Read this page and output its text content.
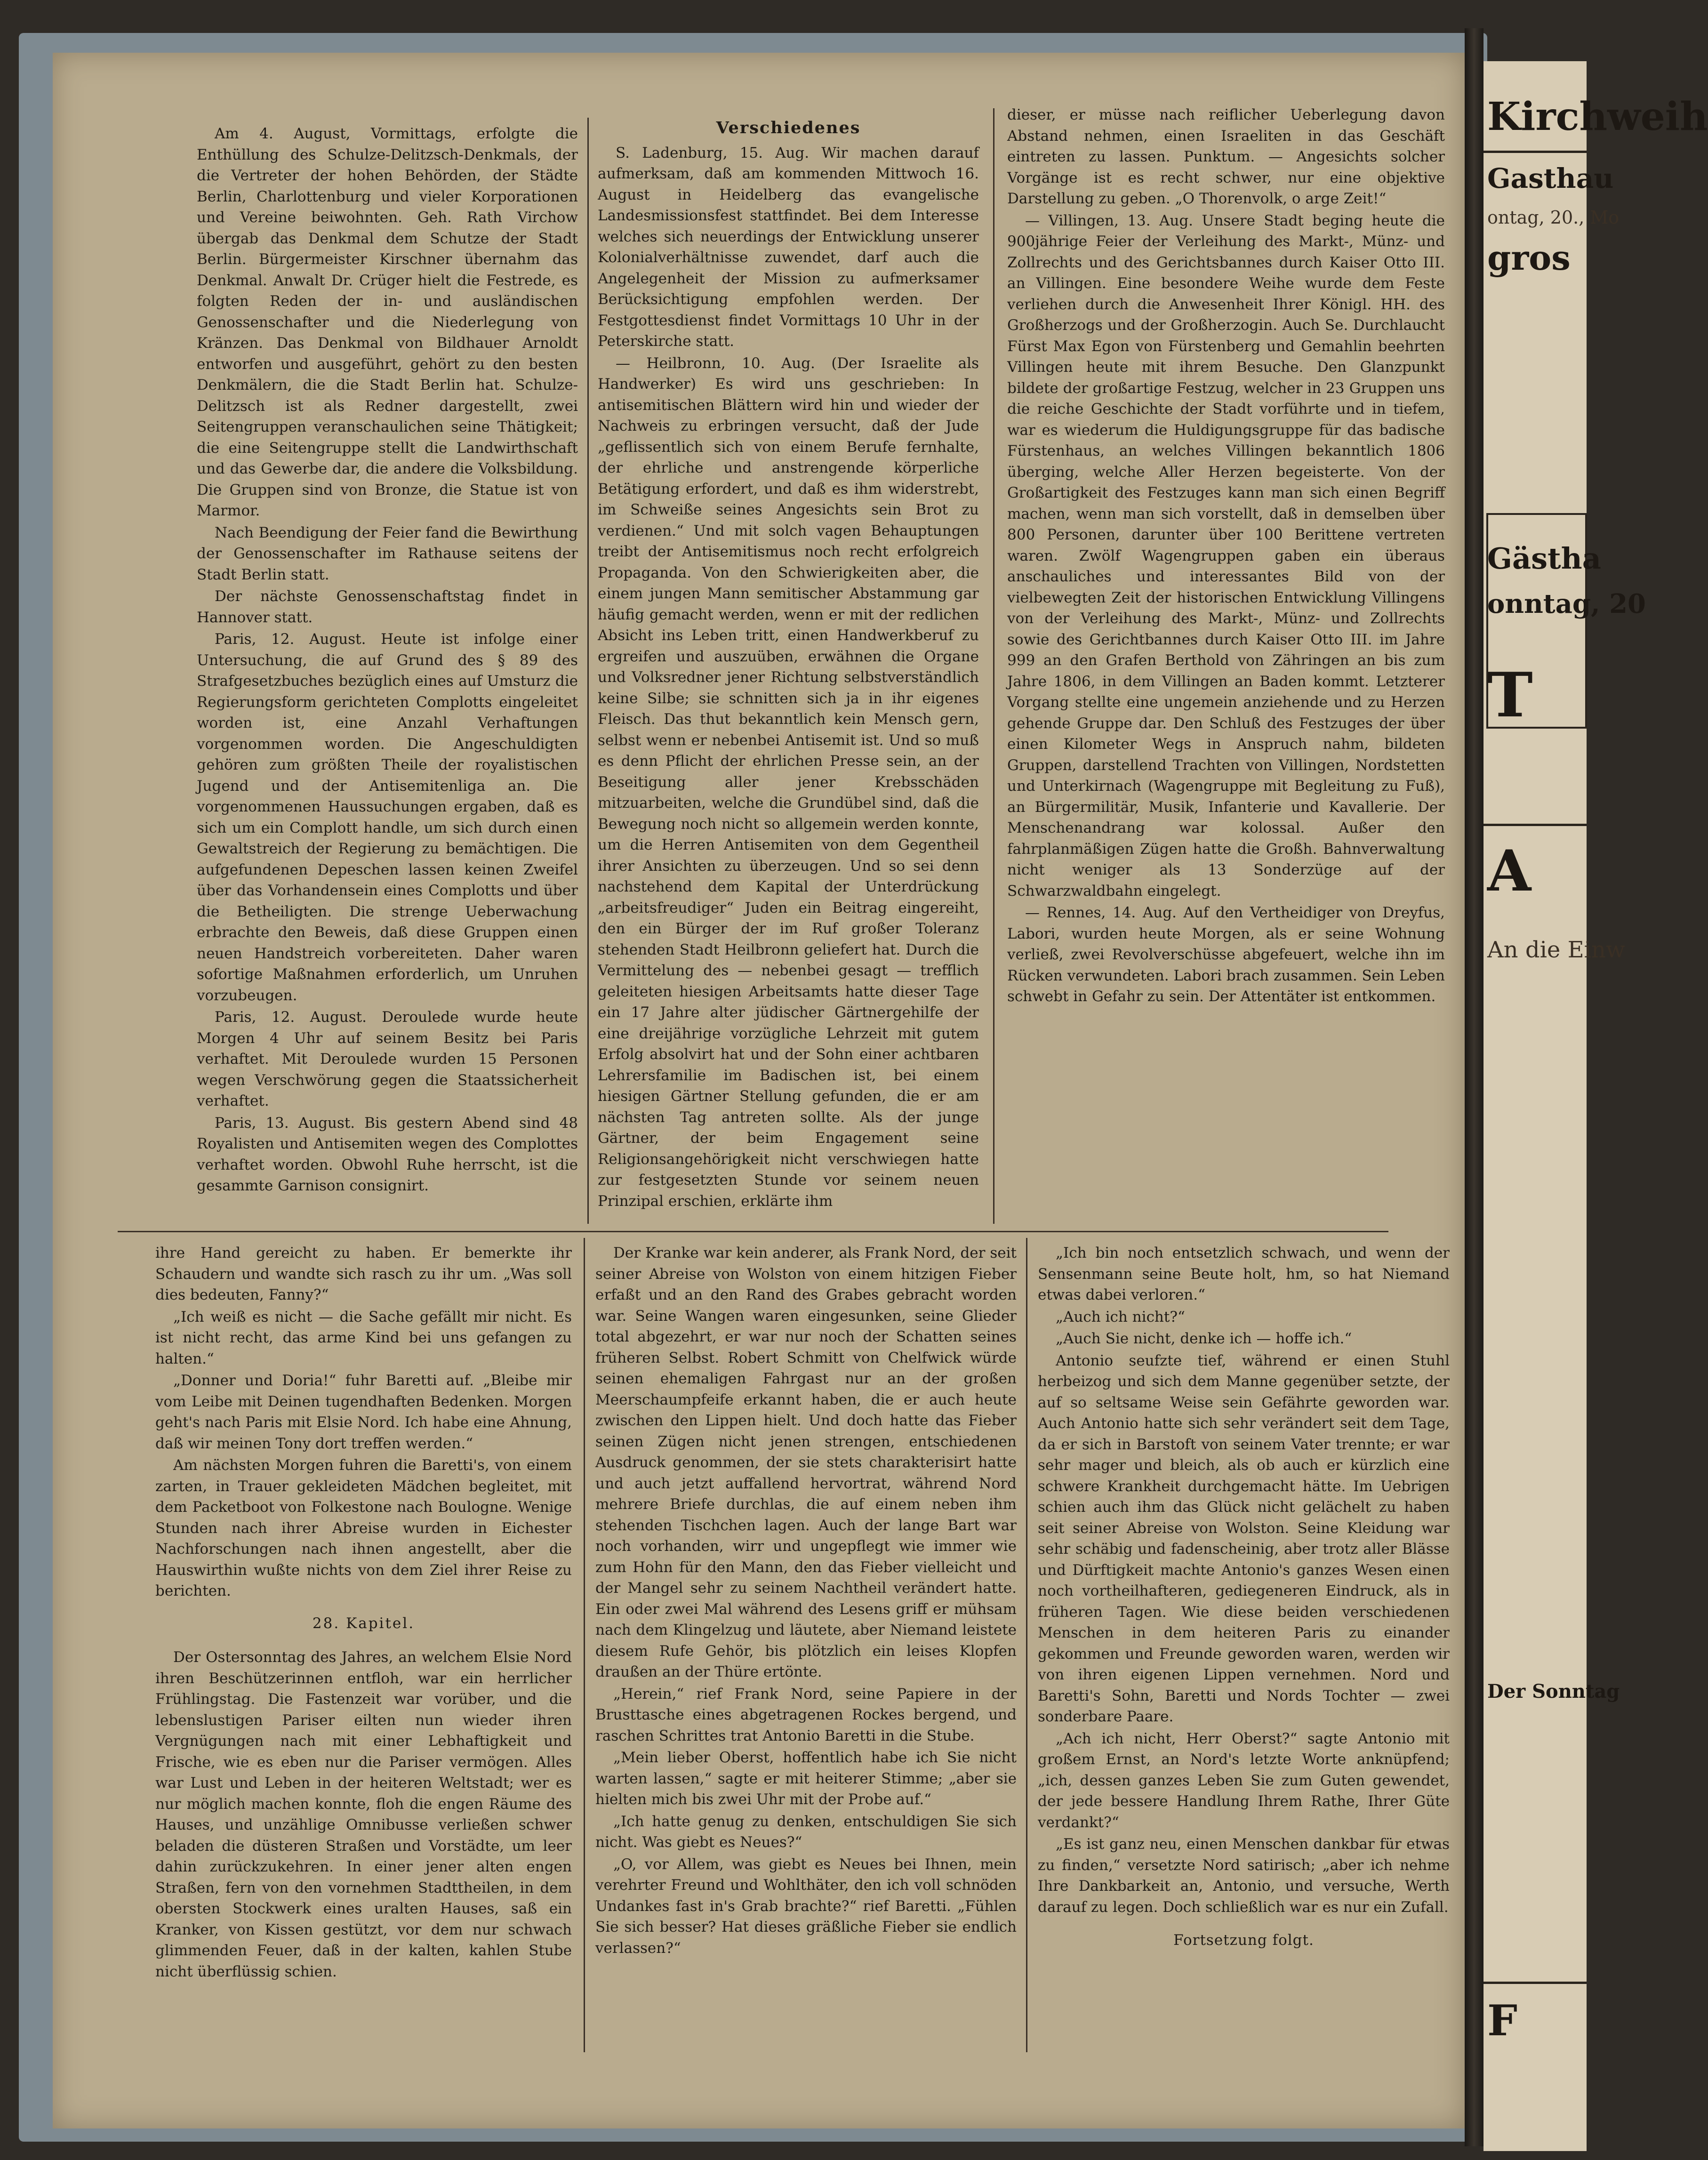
Kirchweih
Gasthau
ontag, 20., Mo
gros
Gästha
onntag, 20
T
A
An die Einw
Der Sonntag
F

Am 4. August, Vormittags, erfolgte die Enthüllung des Schulze-Delitzsch-Denkmals, der die Vertreter der hohen Behörden, der Städte Berlin, Charlottenburg und vieler Korporationen und Vereine beiwohnten. Geh. Rath Virchow übergab das Denkmal dem Schutze der Stadt Berlin. Bürgermeister Kirschner übernahm das Denkmal. Anwalt Dr. Crüger hielt die Festrede, es folgten Reden der in- und ausländischen Genossenschafter und die Niederlegung von Kränzen. Das Denkmal von Bildhauer Arnoldt entworfen und ausgeführt, gehört zu den besten Denkmälern, die die Stadt Berlin hat. Schulze-Delitzsch ist als Redner dargestellt, zwei Seitengruppen veranschaulichen seine Thätigkeit; die eine Seitengruppe stellt die Landwirthschaft und das Gewerbe dar, die andere die Volksbildung. Die Gruppen sind von Bronze, die Statue ist von Marmor.

Nach Beendigung der Feier fand die Bewirthung der Genossenschafter im Rathause seitens der Stadt Berlin statt.

Der nächste Genossenschaftstag findet in Hannover statt.

Paris, 12. August. Heute ist infolge einer Untersuchung, die auf Grund des § 89 des Strafgesetzbuches bezüglich eines auf Umsturz die Regierungsform gerichteten Complotts eingeleitet worden ist, eine Anzahl Verhaftungen vorgenommen worden. Die Angeschuldigten gehören zum größten Theile der royalistischen Jugend und der Antisemitenliga an. Die vorgenommenen Haussuchungen ergaben, daß es sich um ein Complott handle, um sich durch einen Gewaltstreich der Regierung zu bemächtigen. Die aufgefundenen Depeschen lassen keinen Zweifel über das Vorhandensein eines Complotts und über die Betheiligten. Die strenge Ueberwachung erbrachte den Beweis, daß diese Gruppen einen neuen Handstreich vorbereiteten. Daher waren sofortige Maßnahmen erforderlich, um Unruhen vorzubeugen.

Paris, 12. August. Deroulede wurde heute Morgen 4 Uhr auf seinem Besitz bei Paris verhaftet. Mit Deroulede wurden 15 Personen wegen Verschwörung gegen die Staatssicherheit verhaftet.

Paris, 13. August. Bis gestern Abend sind 48 Royalisten und Antisemiten wegen des Complottes verhaftet worden. Obwohl Ruhe herrscht, ist die gesammte Garnison consignirt.

Verschiedenes

S. Ladenburg, 15. Aug. Wir machen darauf aufmerksam, daß am kommenden Mittwoch 16. August in Heidelberg das evangelische Landesmissionsfest stattfindet. Bei dem Interesse welches sich neuerdings der Entwicklung unserer Kolonialverhältnisse zuwendet, darf auch die Angelegenheit der Mission zu aufmerksamer Berücksichtigung empfohlen werden. Der Festgottesdienst findet Vormittags 10 Uhr in der Peterskirche statt.

— Heilbronn, 10. Aug. (Der Israelite als Handwerker) Es wird uns geschrieben: In antisemitischen Blättern wird hin und wieder der Nachweis zu erbringen versucht, daß der Jude „geflissentlich sich von einem Berufe fernhalte, der ehrliche und anstrengende körperliche Betätigung erfordert, und daß es ihm widerstrebt, im Schweiße seines Angesichts sein Brot zu verdienen.“ Und mit solch vagen Behauptungen treibt der Antisemitismus noch recht erfolgreich Propaganda. Von den Schwierigkeiten aber, die einem jungen Mann semitischer Abstammung gar häufig gemacht werden, wenn er mit der redlichen Absicht ins Leben tritt, einen Handwerkberuf zu ergreifen und auszuüben, erwähnen die Organe und Volksredner jener Richtung selbstverständlich keine Silbe; sie schnitten sich ja in ihr eigenes Fleisch. Das thut bekanntlich kein Mensch gern, selbst wenn er nebenbei Antisemit ist. Und so muß es denn Pflicht der ehrlichen Presse sein, an der Beseitigung aller jener Krebsschäden mitzuarbeiten, welche die Grundübel sind, daß die Bewegung noch nicht so allgemein werden konnte, um die Herren Antisemiten von dem Gegentheil ihrer Ansichten zu überzeugen. Und so sei denn nachstehend dem Kapital der Unterdrückung „arbeitsfreudiger“ Juden ein Beitrag eingereiht, den ein Bürger der im Ruf großer Toleranz stehenden Stadt Heilbronn geliefert hat. Durch die Vermittelung des — nebenbei gesagt — trefflich geleiteten hiesigen Arbeitsamts hatte dieser Tage ein 17 Jahre alter jüdischer Gärtnergehilfe der eine dreijährige vorzügliche Lehrzeit mit gutem Erfolg absolvirt hat und der Sohn einer achtbaren Lehrersfamilie im Badischen ist, bei einem hiesigen Gärtner Stellung gefunden, die er am nächsten Tag antreten sollte. Als der junge Gärtner, der beim Engagement seine Religionsangehörigkeit nicht verschwiegen hatte zur festgesetzten Stunde vor seinem neuen Prinzipal erschien, erklärte ihm

dieser, er müsse nach reiflicher Ueberlegung davon Abstand nehmen, einen Israeliten in das Geschäft eintreten zu lassen. Punktum. — Angesichts solcher Vorgänge ist es recht schwer, nur eine objektive Darstellung zu geben. „O Thorenvolk, o arge Zeit!“

— Villingen, 13. Aug. Unsere Stadt beging heute die 900jährige Feier der Verleihung des Markt-, Münz- und Zollrechts und des Gerichtsbannes durch Kaiser Otto III. an Villingen. Eine besondere Weihe wurde dem Feste verliehen durch die Anwesenheit Ihrer Königl. HH. des Großherzogs und der Großherzogin. Auch Se. Durchlaucht Fürst Max Egon von Fürstenberg und Gemahlin beehrten Villingen heute mit ihrem Besuche. Den Glanzpunkt bildete der großartige Festzug, welcher in 23 Gruppen uns die reiche Geschichte der Stadt vorführte und in tiefem, war es wiederum die Huldigungsgruppe für das badische Fürstenhaus, an welches Villingen bekanntlich 1806 überging, welche Aller Herzen begeisterte. Von der Großartigkeit des Festzuges kann man sich einen Begriff machen, wenn man sich vorstellt, daß in demselben über 800 Personen, darunter über 100 Berittene vertreten waren. Zwölf Wagengruppen gaben ein überaus anschauliches und interessantes Bild von der vielbewegten Zeit der historischen Entwicklung Villingens von der Verleihung des Markt-, Münz- und Zollrechts sowie des Gerichtbannes durch Kaiser Otto III. im Jahre 999 an den Grafen Berthold von Zähringen an bis zum Jahre 1806, in dem Villingen an Baden kommt. Letzterer Vorgang stellte eine ungemein anziehende und zu Herzen gehende Gruppe dar. Den Schluß des Festzuges der über einen Kilometer Wegs in Anspruch nahm, bildeten Gruppen, darstellend Trachten von Villingen, Nordstetten und Unterkirnach (Wagengruppe mit Begleitung zu Fuß), an Bürgermilitär, Musik, Infanterie und Kavallerie. Der Menschenandrang war kolossal. Außer den fahrplanmäßigen Zügen hatte die Großh. Bahnverwaltung nicht weniger als 13 Sonderzüge auf der Schwarzwaldbahn eingelegt.

— Rennes, 14. Aug. Auf den Vertheidiger von Dreyfus, Labori, wurden heute Morgen, als er seine Wohnung verließ, zwei Revolverschüsse abgefeuert, welche ihn im Rücken verwundeten. Labori brach zusammen. Sein Leben schwebt in Gefahr zu sein. Der Attentäter ist entkommen.

ihre Hand gereicht zu haben. Er bemerkte ihr Schaudern und wandte sich rasch zu ihr um. „Was soll dies bedeuten, Fanny?“

„Ich weiß es nicht — die Sache gefällt mir nicht. Es ist nicht recht, das arme Kind bei uns gefangen zu halten.“

„Donner und Doria!“ fuhr Baretti auf. „Bleibe mir vom Leibe mit Deinen tugendhaften Bedenken. Morgen geht's nach Paris mit Elsie Nord. Ich habe eine Ahnung, daß wir meinen Tony dort treffen werden.“

Am nächsten Morgen fuhren die Baretti's, von einem zarten, in Trauer gekleideten Mädchen begleitet, mit dem Packetboot von Folkestone nach Boulogne. Wenige Stunden nach ihrer Abreise wurden in Eichester Nachforschungen nach ihnen angestellt, aber die Hauswirthin wußte nichts von dem Ziel ihrer Reise zu berichten.

28. Kapitel.

Der Ostersonntag des Jahres, an welchem Elsie Nord ihren Beschützerinnen entfloh, war ein herrlicher Frühlingstag. Die Fastenzeit war vorüber, und die lebenslustigen Pariser eilten nun wieder ihren Vergnügungen nach mit einer Lebhaftigkeit und Frische, wie es eben nur die Pariser vermögen. Alles war Lust und Leben in der heiteren Weltstadt; wer es nur möglich machen konnte, floh die engen Räume des Hauses, und unzählige Omnibusse verließen schwer beladen die düsteren Straßen und Vorstädte, um leer dahin zurückzukehren. In einer jener alten engen Straßen, fern von den vornehmen Stadttheilen, in dem obersten Stockwerk eines uralten Hauses, saß ein Kranker, von Kissen gestützt, vor dem nur schwach glimmenden Feuer, daß in der kalten, kahlen Stube nicht überflüssig schien.

Der Kranke war kein anderer, als Frank Nord, der seit seiner Abreise von Wolston von einem hitzigen Fieber erfaßt und an den Rand des Grabes gebracht worden war. Seine Wangen waren eingesunken, seine Glieder total abgezehrt, er war nur noch der Schatten seines früheren Selbst. Robert Schmitt von Chelfwick würde seinen ehemaligen Fahrgast nur an der großen Meerschaumpfeife erkannt haben, die er auch heute zwischen den Lippen hielt. Und doch hatte das Fieber seinen Zügen nicht jenen strengen, entschiedenen Ausdruck genommen, der sie stets charakterisirt hatte und auch jetzt auffallend hervortrat, während Nord mehrere Briefe durchlas, die auf einem neben ihm stehenden Tischchen lagen. Auch der lange Bart war noch vorhanden, wirr und ungepflegt wie immer wie zum Hohn für den Mann, den das Fieber vielleicht und der Mangel sehr zu seinem Nachtheil verändert hatte. Ein oder zwei Mal während des Lesens griff er mühsam nach dem Klingelzug und läutete, aber Niemand leistete diesem Rufe Gehör, bis plötzlich ein leises Klopfen draußen an der Thüre ertönte.

„Herein,“ rief Frank Nord, seine Papiere in der Brusttasche eines abgetragenen Rockes bergend, und raschen Schrittes trat Antonio Baretti in die Stube.

„Mein lieber Oberst, hoffentlich habe ich Sie nicht warten lassen,“ sagte er mit heiterer Stimme; „aber sie hielten mich bis zwei Uhr mit der Probe auf.“

„Ich hatte genug zu denken, entschuldigen Sie sich nicht. Was giebt es Neues?“

„O, vor Allem, was giebt es Neues bei Ihnen, mein verehrter Freund und Wohlthäter, den ich voll schnöden Undankes fast in's Grab brachte?“ rief Baretti. „Fühlen Sie sich besser? Hat dieses gräßliche Fieber sie endlich verlassen?“

„Ich bin noch entsetzlich schwach, und wenn der Sensenmann seine Beute holt, hm, so hat Niemand etwas dabei verloren.“

„Auch ich nicht?“

„Auch Sie nicht, denke ich — hoffe ich.“

Antonio seufzte tief, während er einen Stuhl herbeizog und sich dem Manne gegenüber setzte, der auf so seltsame Weise sein Gefährte geworden war. Auch Antonio hatte sich sehr verändert seit dem Tage, da er sich in Barstoft von seinem Vater trennte; er war sehr mager und bleich, als ob auch er kürzlich eine schwere Krankheit durchgemacht hätte. Im Uebrigen schien auch ihm das Glück nicht gelächelt zu haben seit seiner Abreise von Wolston. Seine Kleidung war sehr schäbig und fadenscheinig, aber trotz aller Blässe und Dürftigkeit machte Antonio's ganzes Wesen einen noch vortheilhafteren, gediegeneren Eindruck, als in früheren Tagen. Wie diese beiden verschiedenen Menschen in dem heiteren Paris zu einander gekommen und Freunde geworden waren, werden wir von ihren eigenen Lippen vernehmen. Nord und Baretti's Sohn, Baretti und Nords Tochter — zwei sonderbare Paare.

„Ach ich nicht, Herr Oberst?“ sagte Antonio mit großem Ernst, an Nord's letzte Worte anknüpfend; „ich, dessen ganzes Leben Sie zum Guten gewendet, der jede bessere Handlung Ihrem Rathe, Ihrer Güte verdankt?“

„Es ist ganz neu, einen Menschen dankbar für etwas zu finden,“ versetzte Nord satirisch; „aber ich nehme Ihre Dankbarkeit an, Antonio, und versuche, Werth darauf zu legen. Doch schließlich war es nur ein Zufall.

Fortsetzung folgt.
